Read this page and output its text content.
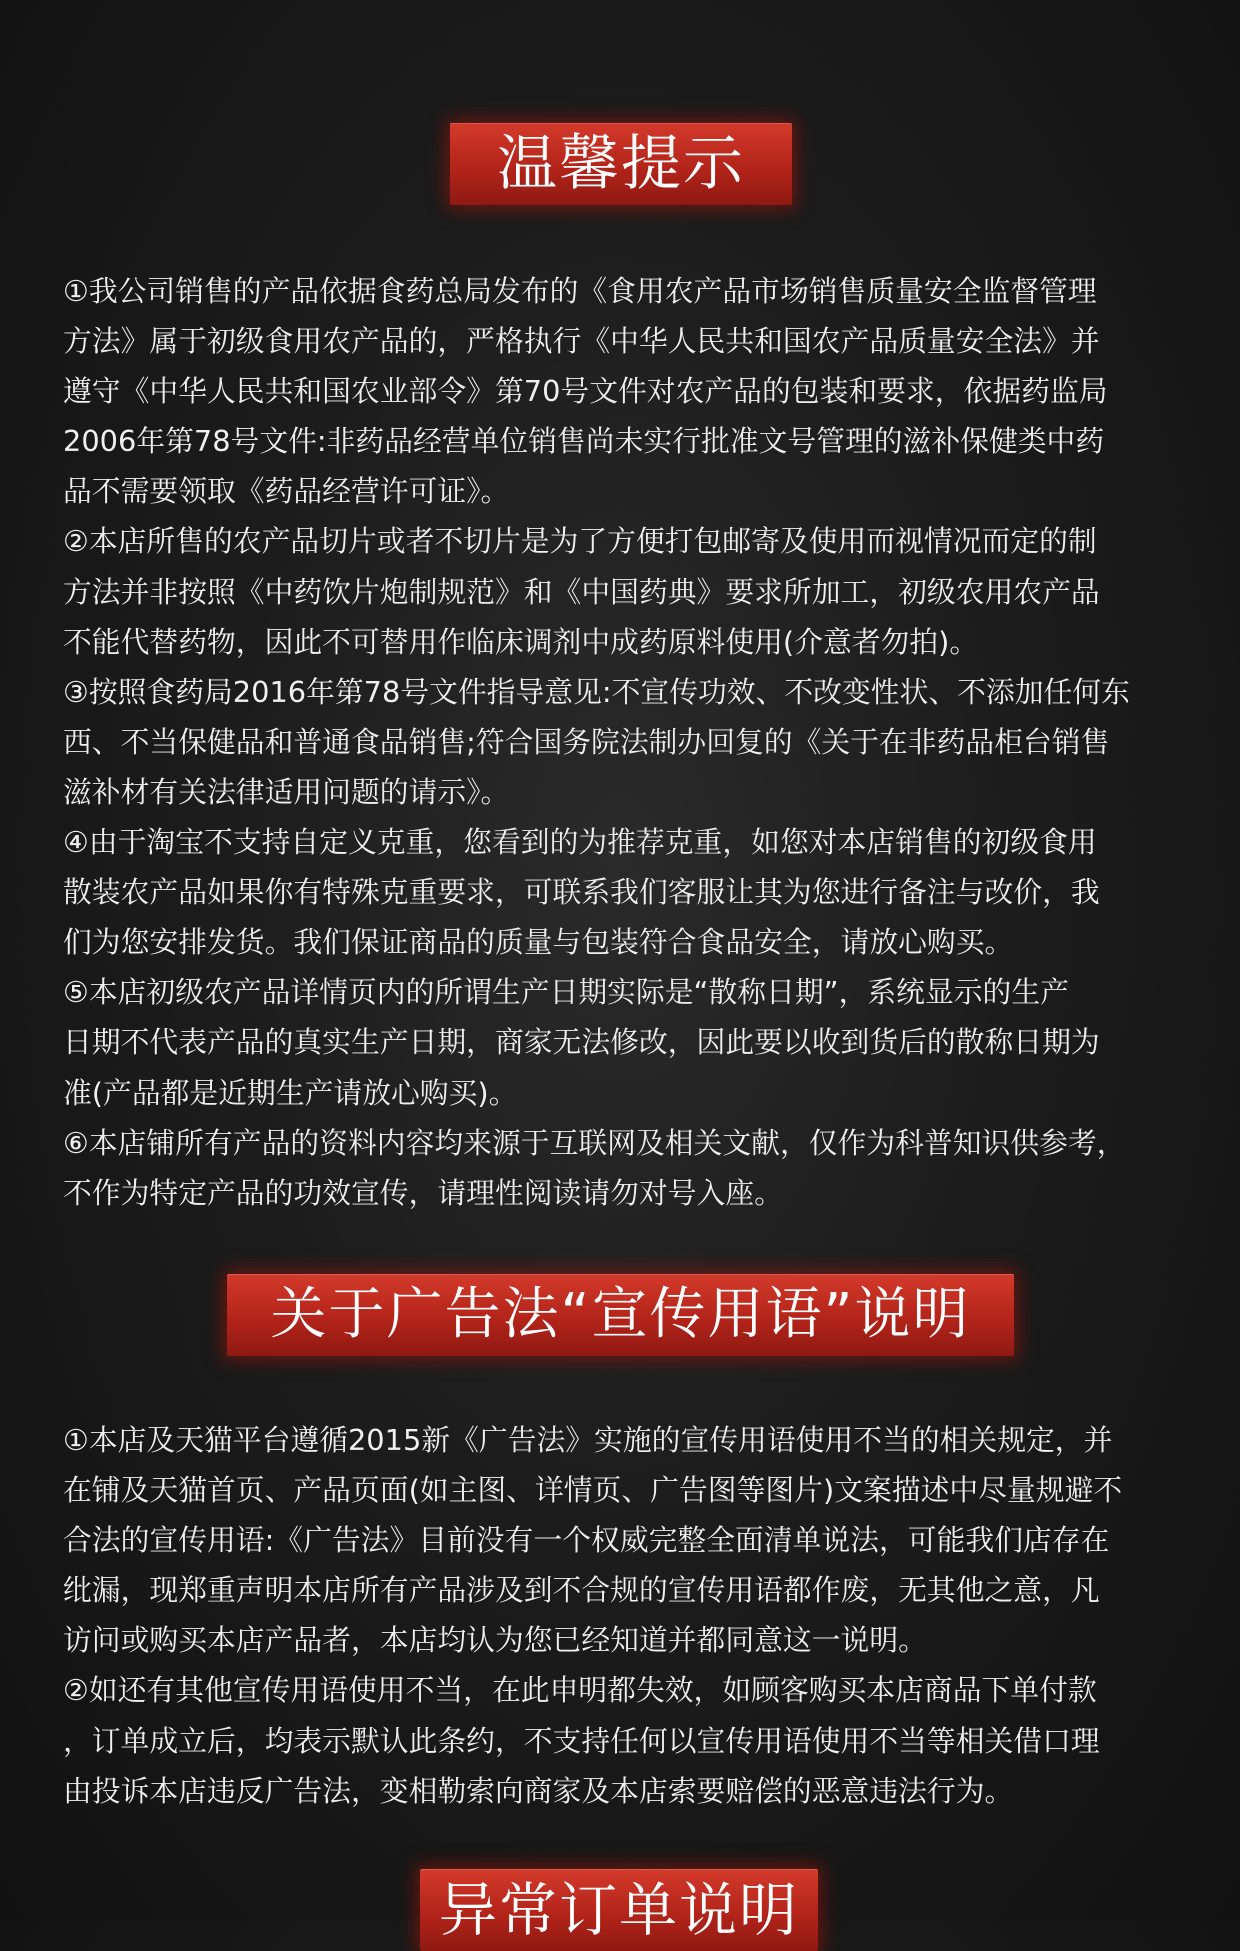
温馨提示

①我公司销售的产品依据食药总局发布的《食用农产品市场销售质量安全监督管理
方法》属于初级食用农产品的，严格执行《中华人民共和国农产品质量安全法》并
遵守《中华人民共和国农业部令》第70号文件对农产品的包装和要求，依据药监局
2006年第78号文件:非药品经营单位销售尚未实行批准文号管理的滋补保健类中药
品不需要领取《药品经营许可证》。

②本店所售的农产品切片或者不切片是为了方便打包邮寄及使用而视情况而定的制
方法并非按照《中药饮片炮制规范》和《中国药典》要求所加工，初级农用农产品
不能代替药物，因此不可替用作临床调剂中成药原料使用(介意者勿拍)。

③按照食药局2016年第78号文件指导意见:不宣传功效、不改变性状、不添加任何东
西、不当保健品和普通食品销售;符合国务院法制办回复的《关于在非药品柜台销售
滋补材有关法律适用问题的请示》。

④由于淘宝不支持自定义克重，您看到的为推荐克重，如您对本店销售的初级食用
散装农产品如果你有特殊克重要求，可联系我们客服让其为您进行备注与改价，我
们为您安排发货。我们保证商品的质量与包装符合食品安全，请放心购买。

⑤本店初级农产品详情页内的所谓生产日期实际是“散称日期”，系统显示的生产
日期不代表产品的真实生产日期，商家无法修改，因此要以收到货后的散称日期为
准(产品都是近期生产请放心购买)。

⑥本店铺所有产品的资料内容均来源于互联网及相关文献，仅作为科普知识供参考，
不作为特定产品的功效宣传，请理性阅读请勿对号入座。

关于广告法“宣传用语”说明

①本店及天猫平台遵循2015新《广告法》实施的宣传用语使用不当的相关规定，并
在铺及天猫首页、产品页面(如主图、详情页、广告图等图片)文案描述中尽量规避不
合法的宣传用语:《广告法》目前没有一个权威完整全面清单说法，可能我们店存在
纰漏，现郑重声明本店所有产品涉及到不合规的宣传用语都作废，无其他之意，凡
访问或购买本店产品者，本店均认为您已经知道并都同意这一说明。

②如还有其他宣传用语使用不当，在此申明都失效，如顾客购买本店商品下单付款
，订单成立后，均表示默认此条约，不支持任何以宣传用语使用不当等相关借口理
由投诉本店违反广告法，变相勒索向商家及本店索要赔偿的恶意违法行为。

异常订单说明
